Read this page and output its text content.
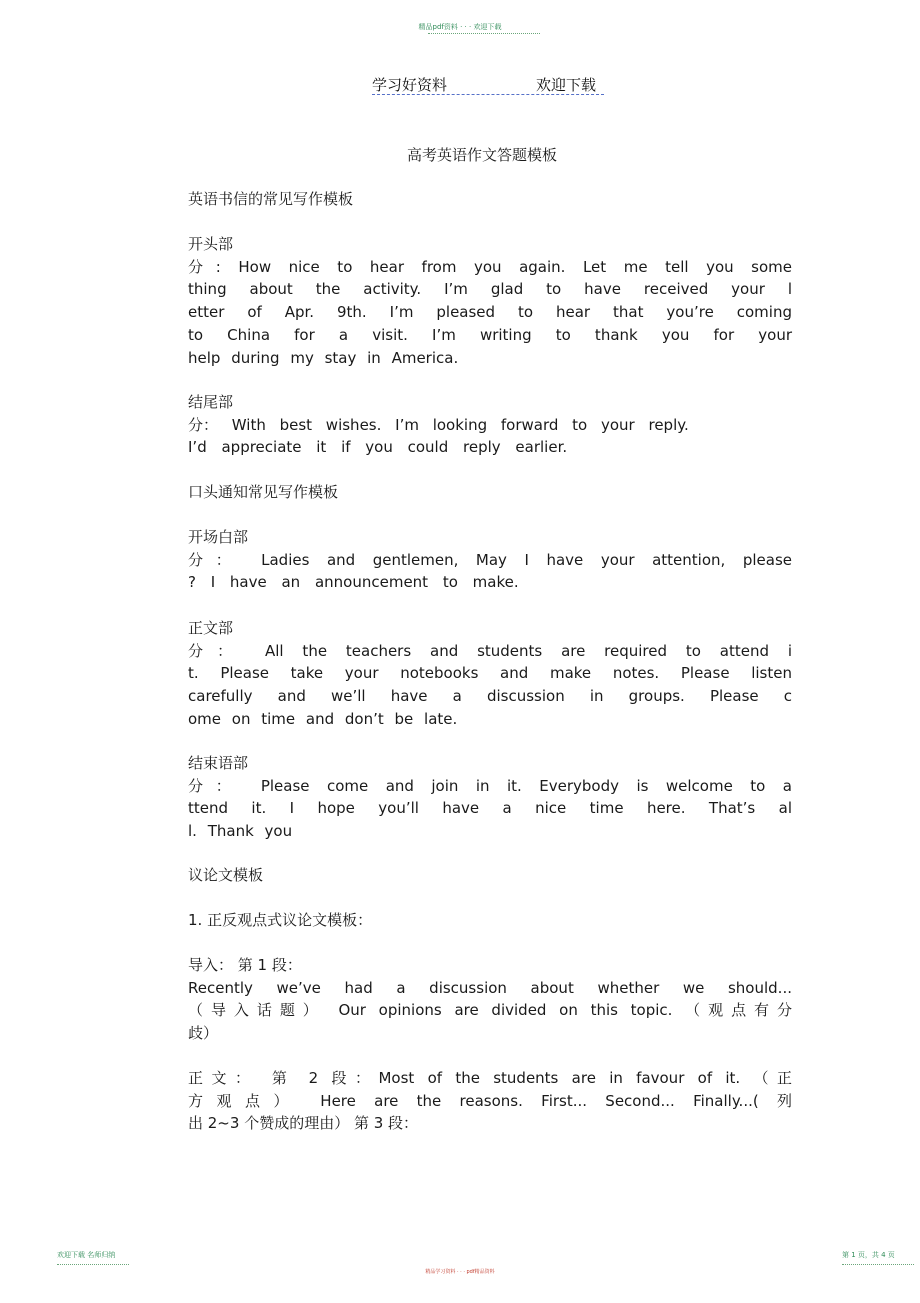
精品pdf资料 · · · 欢迎下载
学习好资料	欢迎下载
高考英语作文答题模板
英语书信的常见写作模板
开头部
分: How nice to hear from you again. Let me tell you some
thing about the activity. I’m glad to have received your l
etter of Apr. 9th. I’m pleased to hear that you’re coming
to China for a visit. I’m writing to thank you for your
help during my stay in America.
结尾部
分： With best wishes. I’m looking forward to your reply.
I’d appreciate it if you could reply earlier.
口头通知常见写作模板
开场白部
分： Ladies and gentlemen, May I have your attention, please
? I have an announcement to make.
正文部
分： All the teachers and students are required to attend i
t. Please take your notebooks and make notes. Please listen
carefully and we’ll have a discussion in groups. Please c
ome on time and don’t be late.
结束语部
分： Please come and join in it. Everybody is welcome to a
ttend it. I hope you’ll have a nice time here. That’s al
l. Thank you
议论文模板
1. 正反观点式议论文模板：
导入： 第 1 段：
Recently we’ve had a discussion about whether we should...
（导入话题） Our opinions are divided on this topic. （观点有分
歧）
正文： 第 2 段：Most of the students are in favour of it. （正
方观点） Here are the reasons. First... Second... Finally...( 列
出 2~3 个赞成的理由） 第 3 段：
欢迎下载 名师归纳	第 1 页，共 4 页
精品学习资料 · · · pdf精品资料
